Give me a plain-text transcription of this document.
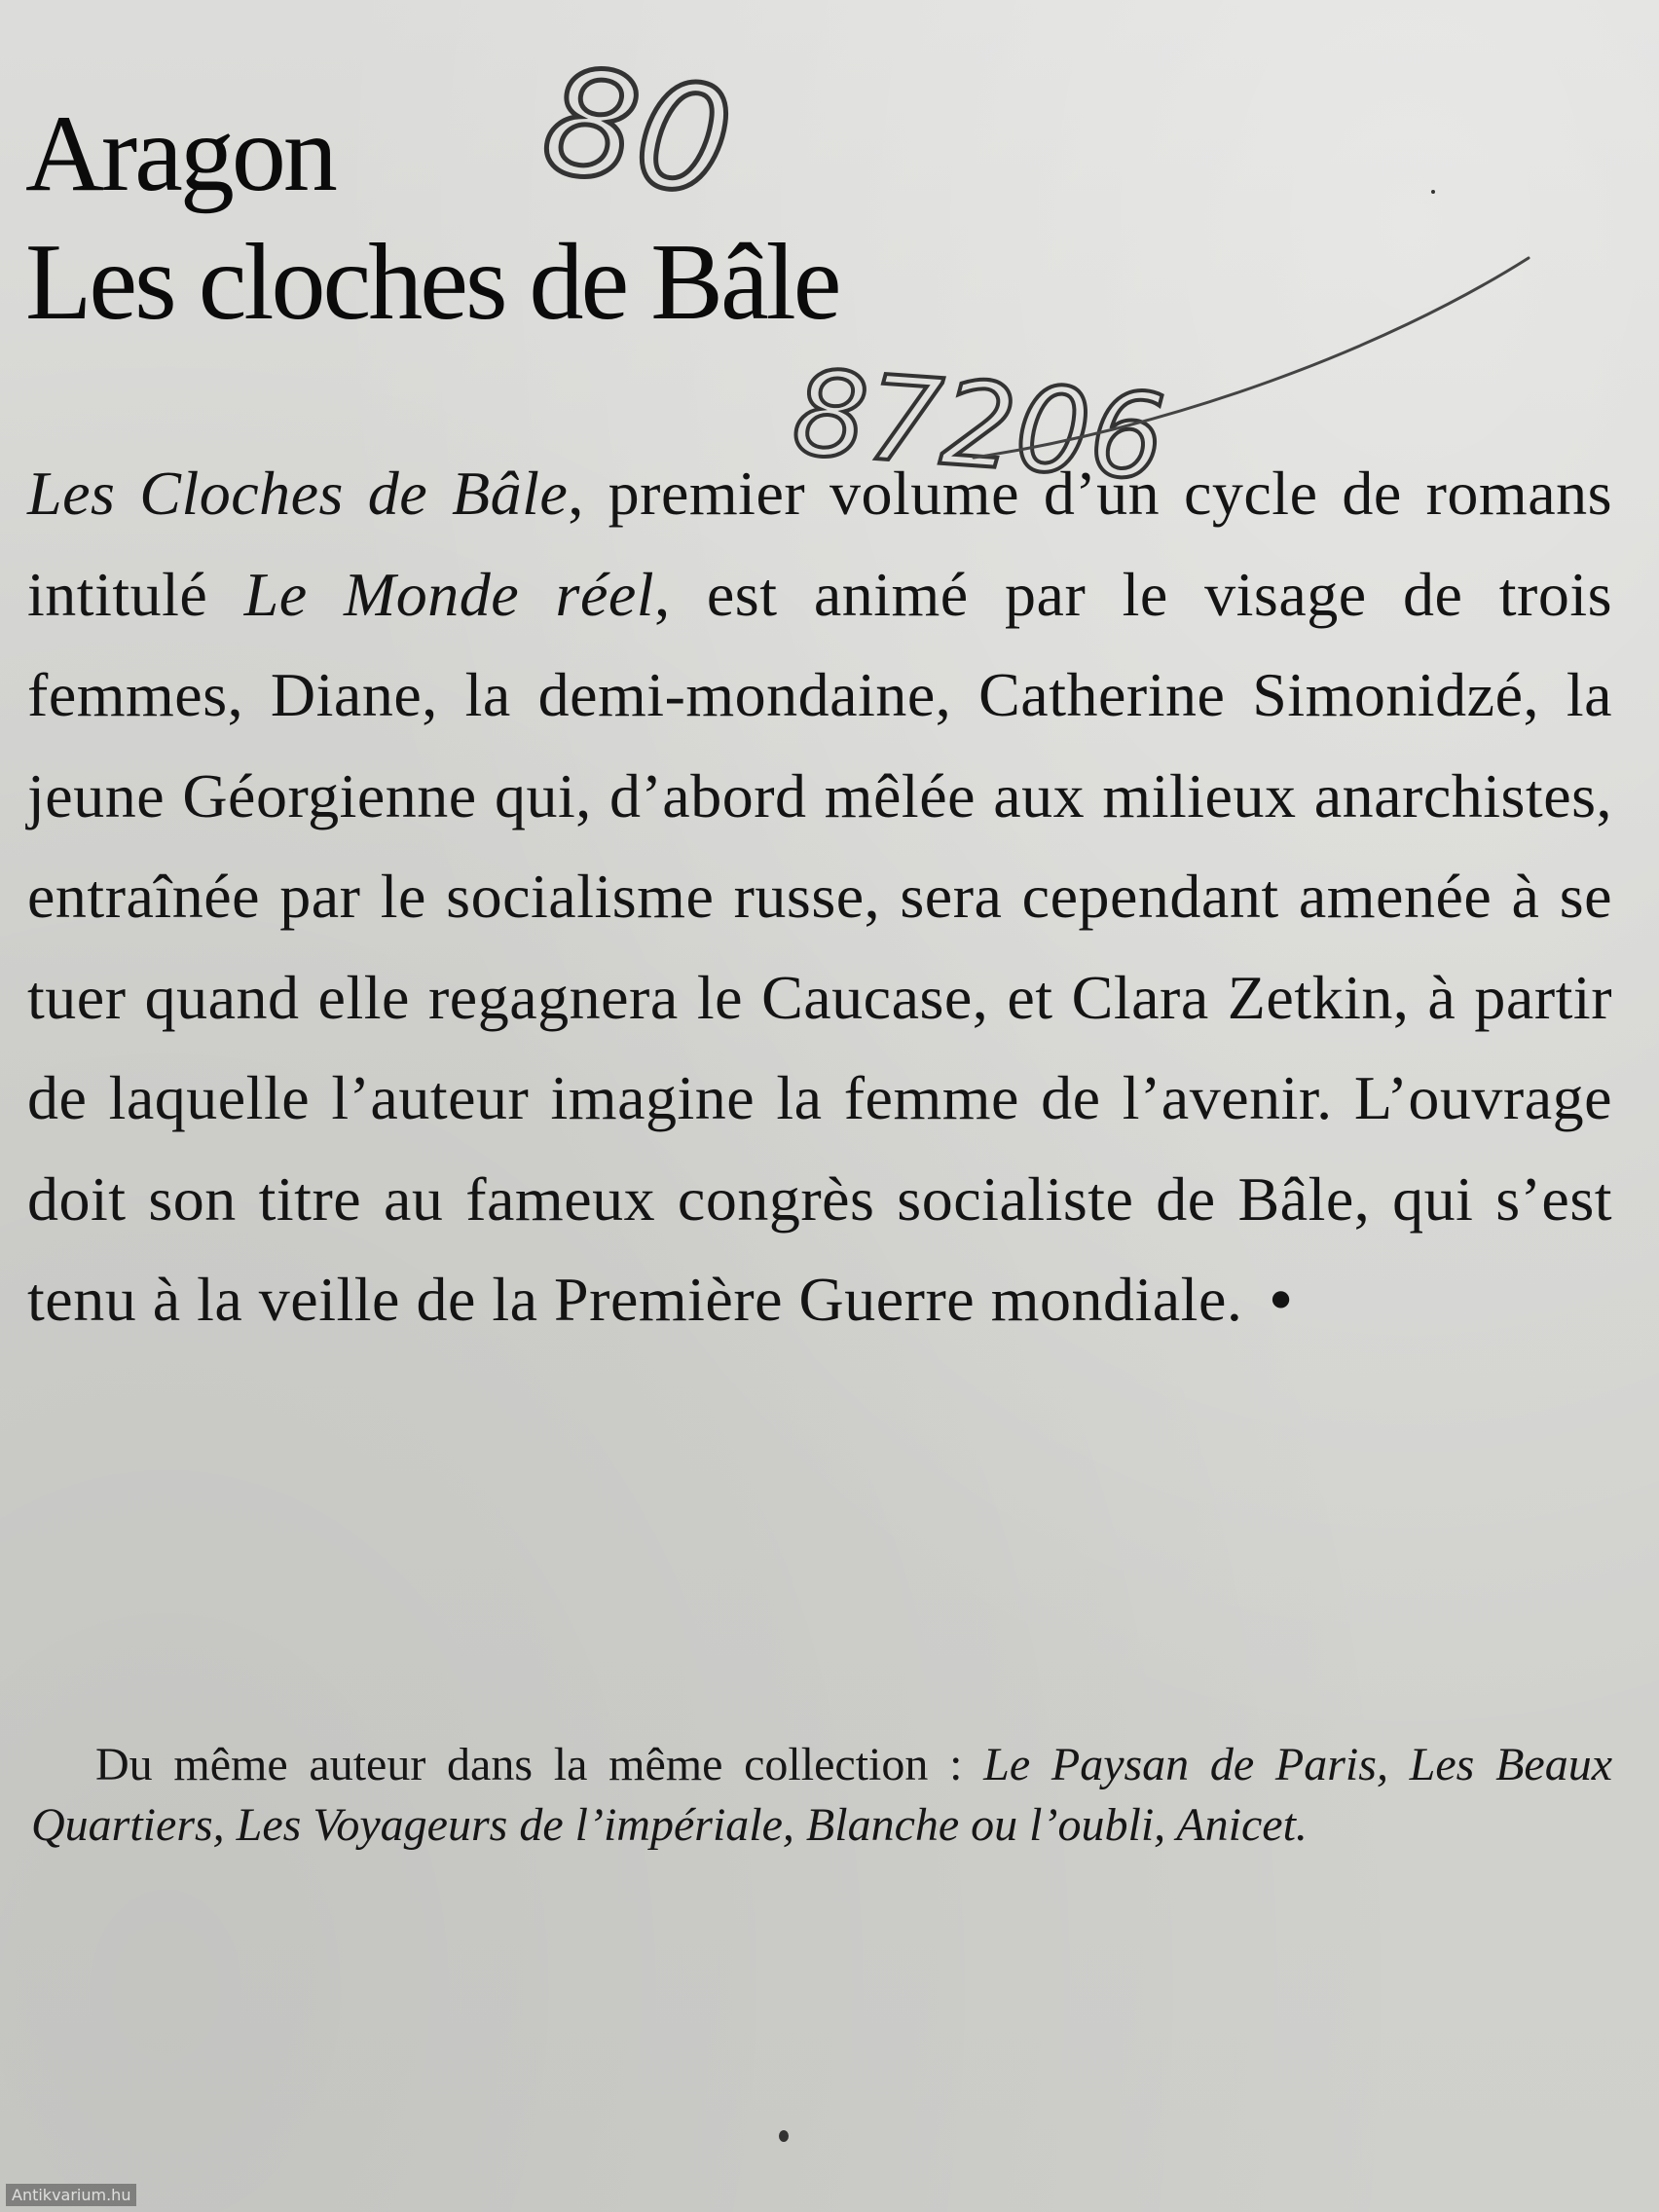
Aragon
Les cloches de Bâle
80
87206
Les Cloches de Bâle, premier volume d’un cycle de romans intitulé Le Monde réel, est animé par le visage de trois femmes, Diane, la demi-mondaine, Catherine Simonidzé, la jeune Géorgienne qui, d’abord mêlée aux milieux anarchistes, entraînée par le socialisme russe, sera cependant amenée à se tuer quand elle regagnera le Caucase, et Clara Zetkin, à partir de laquelle l’auteur imagine la femme de l’avenir. L’ouvrage doit son titre au fameux congrès socialiste de Bâle, qui s’est tenu à la veille de la Première Guerre mondiale. •
Du même auteur dans la même collection : Le Paysan de Paris, Les Beaux Quartiers, Les Voyageurs de l’impériale, Blanche ou l’oubli, Anicet.
Antikvarium.hu
